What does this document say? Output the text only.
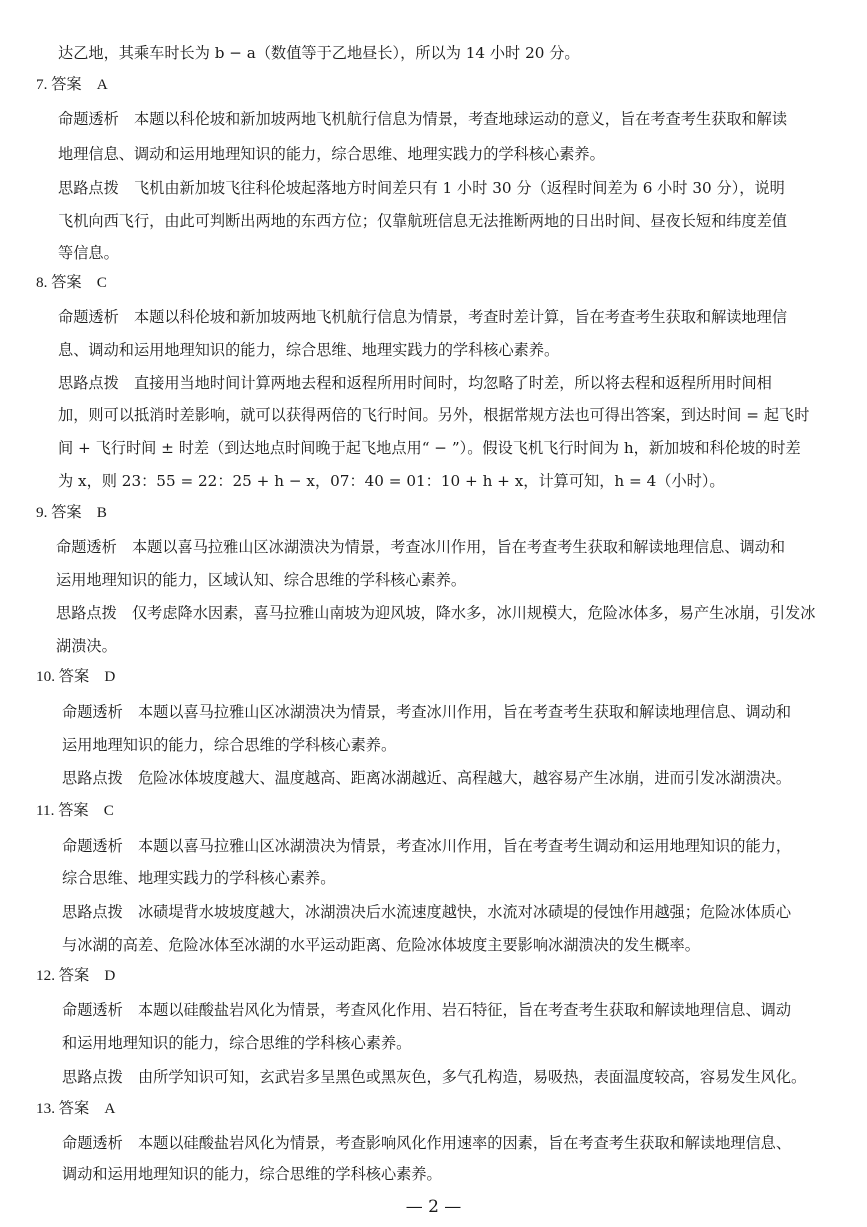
达乙地，其乘车时长为 b − a（数值等于乙地昼长），所以为 14 小时 20 分。
7. 答案　A
命题透析　本题以科伦坡和新加坡两地飞机航行信息为情景，考查地球运动的意义，旨在考查考生获取和解读
地理信息、调动和运用地理知识的能力，综合思维、地理实践力的学科核心素养。
思路点拨　飞机由新加坡飞往科伦坡起落地方时间差只有 1 小时 30 分（返程时间差为 6 小时 30 分），说明
飞机向西飞行，由此可判断出两地的东西方位；仅靠航班信息无法推断两地的日出时间、昼夜长短和纬度差值
等信息。
8. 答案　C
命题透析　本题以科伦坡和新加坡两地飞机航行信息为情景，考查时差计算，旨在考查考生获取和解读地理信
息、调动和运用地理知识的能力，综合思维、地理实践力的学科核心素养。
思路点拨　直接用当地时间计算两地去程和返程所用时间时，均忽略了时差，所以将去程和返程所用时间相
加，则可以抵消时差影响，就可以获得两倍的飞行时间。另外，根据常规方法也可得出答案，到达时间 = 起飞时
间 + 飞行时间 ± 时差（到达地点时间晚于起飞地点用“ − ”）。假设飞机飞行时间为 h，新加坡和科伦坡的时差
为 x，则 23：55 = 22：25 + h − x，07：40 = 01：10 + h + x，计算可知，h = 4（小时）。
9. 答案　B
命题透析　本题以喜马拉雅山区冰湖溃决为情景，考查冰川作用，旨在考查考生获取和解读地理信息、调动和
运用地理知识的能力，区域认知、综合思维的学科核心素养。
思路点拨　仅考虑降水因素，喜马拉雅山南坡为迎风坡，降水多，冰川规模大，危险冰体多，易产生冰崩，引发冰
湖溃决。
10. 答案　D
命题透析　本题以喜马拉雅山区冰湖溃决为情景，考查冰川作用，旨在考查考生获取和解读地理信息、调动和
运用地理知识的能力，综合思维的学科核心素养。
思路点拨　危险冰体坡度越大、温度越高、距离冰湖越近、高程越大，越容易产生冰崩，进而引发冰湖溃决。
11. 答案　C
命题透析　本题以喜马拉雅山区冰湖溃决为情景，考查冰川作用，旨在考查考生调动和运用地理知识的能力，
综合思维、地理实践力的学科核心素养。
思路点拨　冰碛堤背水坡坡度越大，冰湖溃决后水流速度越快，水流对冰碛堤的侵蚀作用越强；危险冰体质心
与冰湖的高差、危险冰体至冰湖的水平运动距离、危险冰体坡度主要影响冰湖溃决的发生概率。
12. 答案　D
命题透析　本题以硅酸盐岩风化为情景，考查风化作用、岩石特征，旨在考查考生获取和解读地理信息、调动
和运用地理知识的能力，综合思维的学科核心素养。
思路点拨　由所学知识可知，玄武岩多呈黑色或黑灰色，多气孔构造，易吸热，表面温度较高，容易发生风化。
13. 答案　A
命题透析　本题以硅酸盐岩风化为情景，考查影响风化作用速率的因素，旨在考查考生获取和解读地理信息、
调动和运用地理知识的能力，综合思维的学科核心素养。
— 2 —
